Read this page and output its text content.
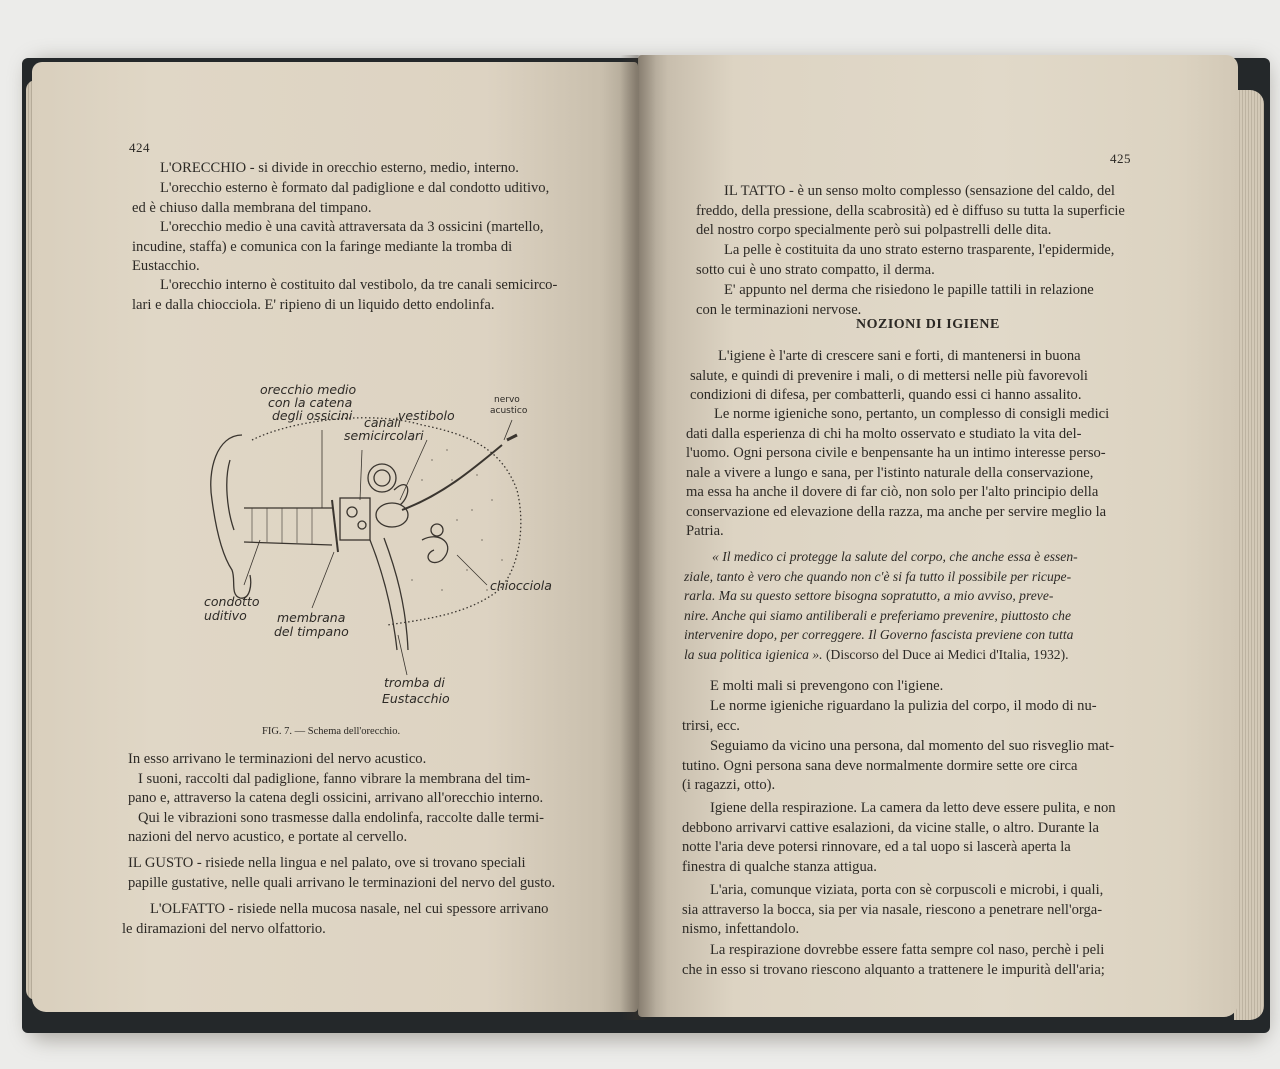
424
L'ORECCHIO - si divide in orecchio esterno, medio, interno.
L'orecchio esterno è formato dal padiglione e dal condotto uditivo,
ed è chiuso dalla membrana del timpano.
L'orecchio medio è una cavità attraversata da 3 ossicini (martello,
incudine, staffa) e comunica con la faringe mediante la tromba di
Eustacchio.
L'orecchio interno è costituito dal vestibolo, da tre canali semicirco-
lari e dalla chiocciola. E' ripieno di un liquido detto endolinfa.
orecchio medio
con la catena
degli ossicini canali
semicircolari
vestibolo
nervo
acustico
chiocciola
condotto
uditivo membrana
del timpano
tromba di
Eustacchio
FIG. 7. — Schema dell'orecchio.
In esso arrivano le terminazioni del nervo acustico.
I suoni, raccolti dal padiglione, fanno vibrare la membrana del tim-
pano e, attraverso la catena degli ossicini, arrivano all'orecchio interno.
Qui le vibrazioni sono trasmesse dalla endolinfa, raccolte dalle termi-
nazioni del nervo acustico, e portate al cervello.
IL GUSTO - risiede nella lingua e nel palato, ove si trovano speciali
papille gustative, nelle quali arrivano le terminazioni del nervo del gusto.
L'OLFATTO - risiede nella mucosa nasale, nel cui spessore arrivano
le diramazioni del nervo olfattorio.
425
IL TATTO - è un senso molto complesso (sensazione del caldo, del
freddo, della pressione, della scabrosità) ed è diffuso su tutta la superficie
del nostro corpo specialmente però sui polpastrelli delle dita.
La pelle è costituita da uno strato esterno trasparente, l'epidermide,
sotto cui è uno strato compatto, il derma.
E' appunto nel derma che risiedono le papille tattili in relazione
con le terminazioni nervose.
NOZIONI DI IGIENE
L'igiene è l'arte di crescere sani e forti, di mantenersi in buona
salute, e quindi di prevenire i mali, o di mettersi nelle più favorevoli
condizioni di difesa, per combatterli, quando essi ci hanno assalito.
Le norme igieniche sono, pertanto, un complesso di consigli medici
dati dalla esperienza di chi ha molto osservato e studiato la vita del-
l'uomo. Ogni persona civile e benpensante ha un intimo interesse perso-
nale a vivere a lungo e sana, per l'istinto naturale della conservazione,
ma essa ha anche il dovere di far ciò, non solo per l'alto principio della
conservazione ed elevazione della razza, ma anche per servire meglio la
Patria.
« Il medico ci protegge la salute del corpo, che anche essa è essen-
ziale, tanto è vero che quando non c'è si fa tutto il possibile per ricupe-
rarla. Ma su questo settore bisogna sopratutto, a mio avviso, preve-
nire. Anche qui siamo antiliberali e preferiamo prevenire, piuttosto che
intervenire dopo, per correggere. Il Governo fascista previene con tutta
la sua politica igienica ». (Discorso del Duce ai Medici d'Italia, 1932).
E molti mali si prevengono con l'igiene.
Le norme igieniche riguardano la pulizia del corpo, il modo di nu-
trirsi, ecc.
Seguiamo da vicino una persona, dal momento del suo risveglio mat-
tutino. Ogni persona sana deve normalmente dormire sette ore circa
(i ragazzi, otto).
Igiene della respirazione. La camera da letto deve essere pulita, e non
debbono arrivarvi cattive esalazioni, da vicine stalle, o altro. Durante la
notte l'aria deve potersi rinnovare, ed a tal uopo si lascerà aperta la
finestra di qualche stanza attigua.
L'aria, comunque viziata, porta con sè corpuscoli e microbi, i quali,
sia attraverso la bocca, sia per via nasale, riescono a penetrare nell'orga-
nismo, infettandolo.
La respirazione dovrebbe essere fatta sempre col naso, perchè i peli
che in esso si trovano riescono alquanto a trattenere le impurità dell'aria;
